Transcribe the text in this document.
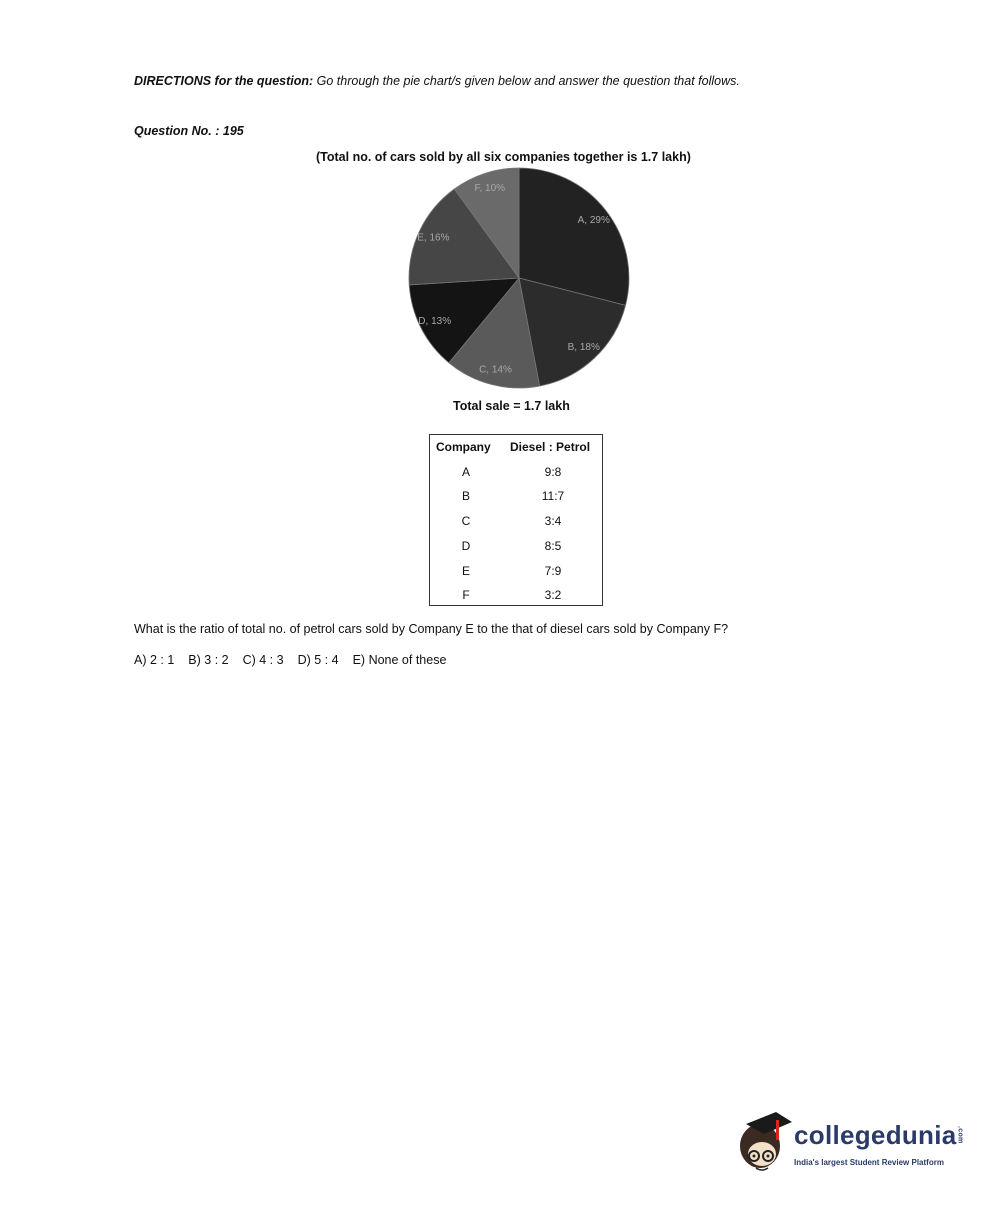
DIRECTIONS for the question: Go through the pie chart/s given below and answer the question that follows.
Question No. : 195
(Total no. of cars sold by all six companies together is 1.7 lakh)
A, 29%
B, 18%
C, 14%
D, 13%
E, 16%
F, 10%
Total sale = 1.7 lakh
Company Diesel : Petrol
A	9:8
B	11:7
C	3:4
D	8:5
E	7:9
F	3:2
What is the ratio of total no. of petrol cars sold by Company E to the that of diesel cars sold by Company F?
A) 2 : 1 B) 3 : 2 C) 4 : 3 D) 5 : 4 E) None of these
collegedunia.com
India's largest Student Review Platform
